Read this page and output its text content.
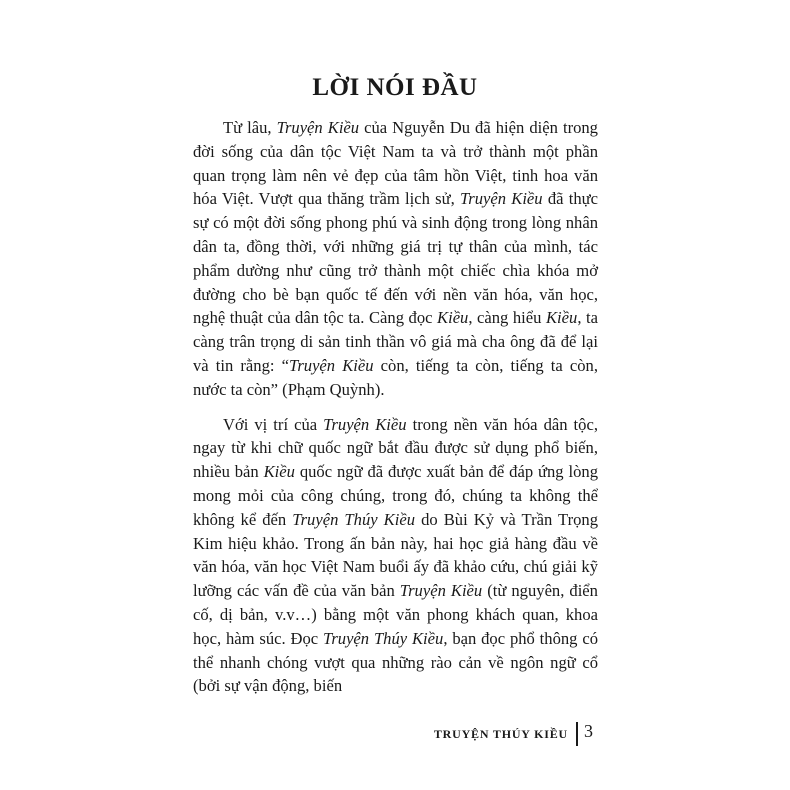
LỜI NÓI ĐẦU

Từ lâu, Truyện Kiều của Nguyễn Du đã hiện diện trong đời sống của dân tộc Việt Nam ta và trở thành một phần quan trọng làm nên vẻ đẹp của tâm hồn Việt, tinh hoa văn hóa Việt. Vượt qua thăng trầm lịch sử, Truyện Kiều đã thực sự có một đời sống phong phú và sinh động trong lòng nhân dân ta, đồng thời, với những giá trị tự thân của mình, tác phẩm dường như cũng trở thành một chiếc chìa khóa mở đường cho bè bạn quốc tế đến với nền văn hóa, văn học, nghệ thuật của dân tộc ta. Càng đọc Kiều, càng hiểu Kiều, ta càng trân trọng di sản tinh thần vô giá mà cha ông đã để lại và tin rằng: “Truyện Kiều còn, tiếng ta còn, tiếng ta còn, nước ta còn” (Phạm Quỳnh).

Với vị trí của Truyện Kiều trong nền văn hóa dân tộc, ngay từ khi chữ quốc ngữ bắt đầu được sử dụng phổ biến, nhiều bản Kiều quốc ngữ đã được xuất bản để đáp ứng lòng mong mỏi của công chúng, trong đó, chúng ta không thể không kể đến Truyện Thúy Kiều do Bùi Kỷ và Trần Trọng Kim hiệu khảo. Trong ấn bản này, hai học giả hàng đầu về văn hóa, văn học Việt Nam buổi ấy đã khảo cứu, chú giải kỹ lưỡng các vấn đề của văn bản Truyện Kiều (từ nguyên, điển cố, dị bản, v.v…) bằng một văn phong khách quan, khoa học, hàm súc. Đọc Truyện Thúy Kiều, bạn đọc phổ thông có thể nhanh chóng vượt qua những rào cản về ngôn ngữ cổ (bởi sự vận động, biến

TRUYỆN THÚY KIỀU 3
